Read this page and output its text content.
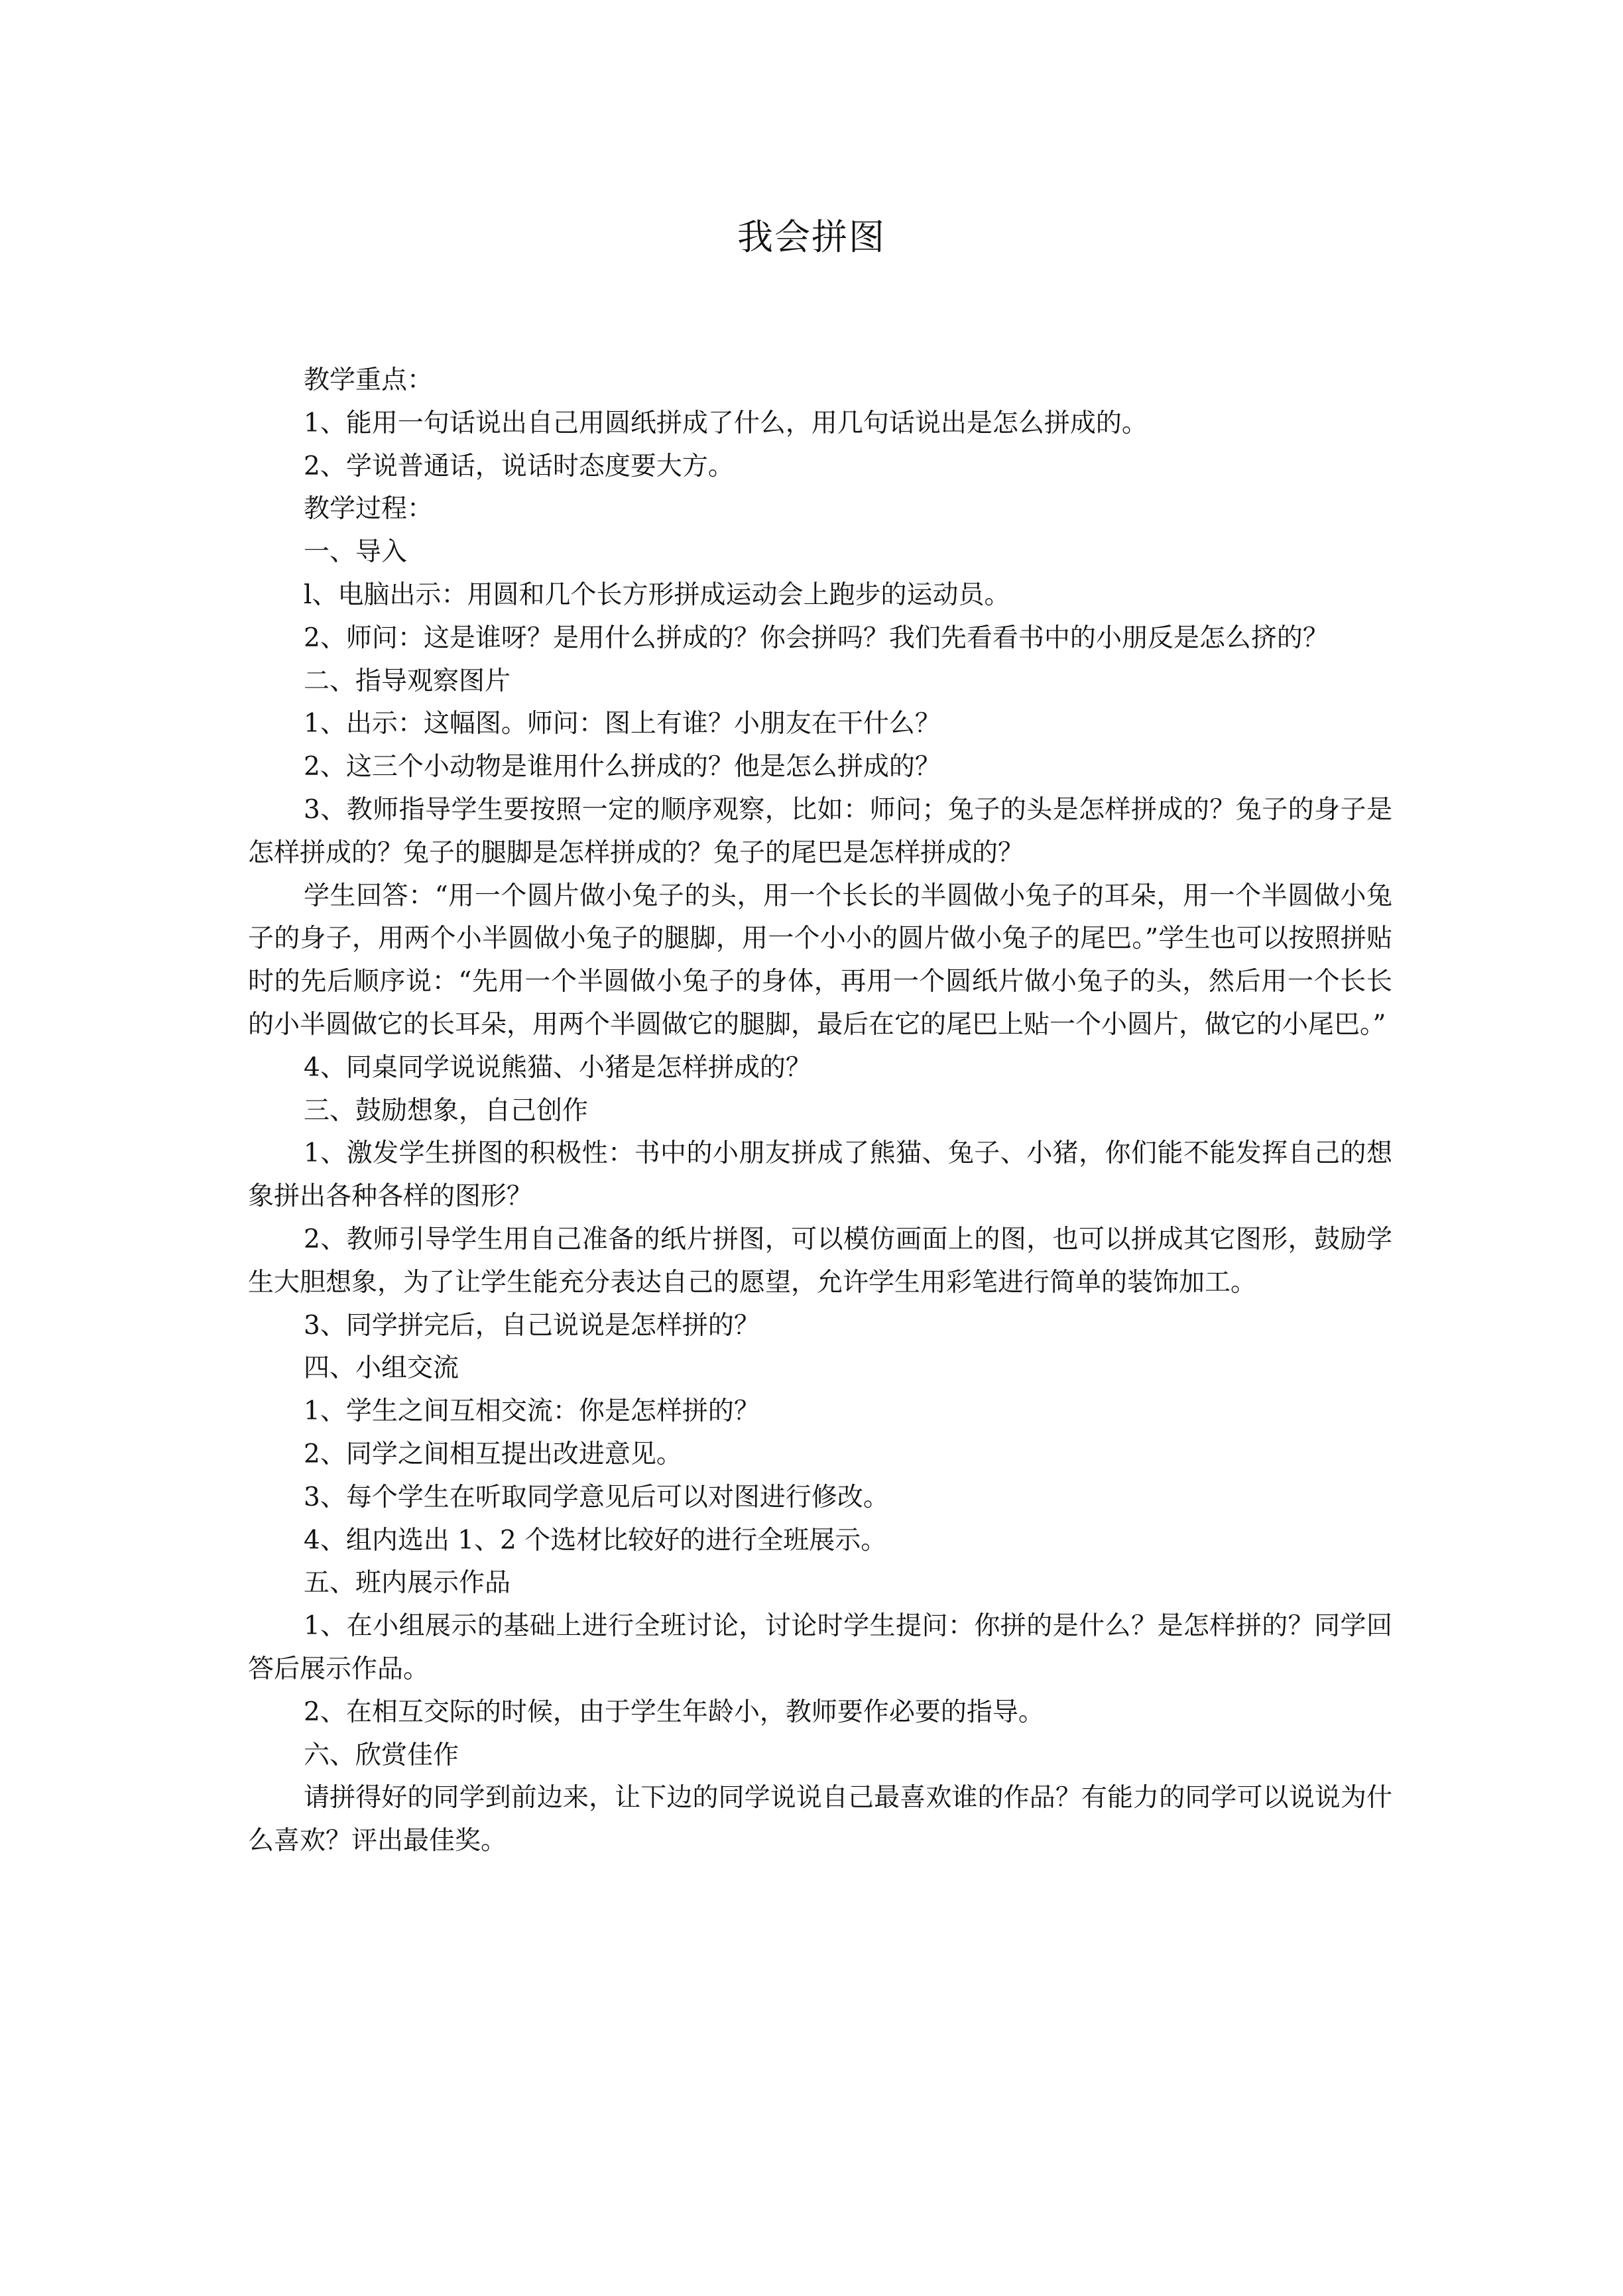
我会拼图

教学重点：

1、能用一句话说出自己用圆纸拼成了什么，用几句话说出是怎么拼成的。

2、学说普通话，说话时态度要大方。

教学过程：

一、导入

l、电脑出示：用圆和几个长方形拼成运动会上跑步的运动员。

2、师问：这是谁呀？是用什么拼成的？你会拼吗？我们先看看书中的小朋反是怎么挤的？

二、指导观察图片

1、出示：这幅图。师问：图上有谁？小朋友在干什么？

2、这三个小动物是谁用什么拼成的？他是怎么拼成的？

3、教师指导学生要按照一定的顺序观察，比如：师问；兔子的头是怎样拼成的？兔子的身子是怎样拼成的？兔子的腿脚是怎样拼成的？兔子的尾巴是怎样拼成的？

学生回答：“用一个圆片做小兔子的头，用一个长长的半圆做小兔子的耳朵，用一个半圆做小兔子的身子，用两个小半圆做小兔子的腿脚，用一个小小的圆片做小兔子的尾巴。”学生也可以按照拼贴时的先后顺序说：“先用一个半圆做小兔子的身体，再用一个圆纸片做小兔子的头，然后用一个长长的小半圆做它的长耳朵，用两个半圆做它的腿脚，最后在它的尾巴上贴一个小圆片，做它的小尾巴。”

4、同桌同学说说熊猫、小猪是怎样拼成的？

三、鼓励想象，自己创作

1、激发学生拼图的积极性：书中的小朋友拼成了熊猫、兔子、小猪，你们能不能发挥自己的想象拼出各种各样的图形？

2、教师引导学生用自己准备的纸片拼图，可以模仿画面上的图，也可以拼成其它图形，鼓励学生大胆想象，为了让学生能充分表达自己的愿望，允许学生用彩笔进行简单的装饰加工。

3、同学拼完后，自己说说是怎样拼的？

四、小组交流

1、学生之间互相交流：你是怎样拼的？

2、同学之间相互提出改进意见。

3、每个学生在听取同学意见后可以对图进行修改。

4、组内选出 1、2 个选材比较好的进行全班展示。

五、班内展示作品

1、在小组展示的基础上进行全班讨论，讨论时学生提问：你拼的是什么？是怎样拼的？同学回答后展示作品。

2、在相互交际的时候，由于学生年龄小，教师要作必要的指导。

六、欣赏佳作

请拼得好的同学到前边来，让下边的同学说说自己最喜欢谁的作品？有能力的同学可以说说为什么喜欢？评出最佳奖。
